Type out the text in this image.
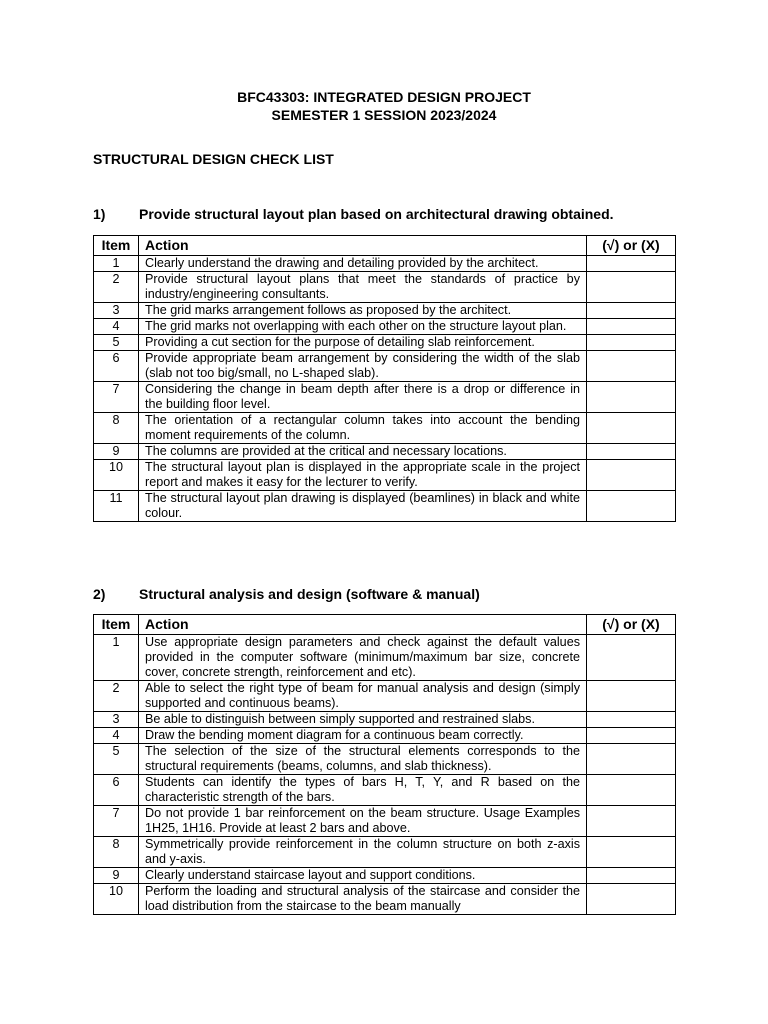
BFC43303: INTEGRATED DESIGN PROJECT
SEMESTER 1 SESSION 2023/2024
STRUCTURAL DESIGN CHECK LIST
1)	Provide structural layout plan based on architectural drawing obtained.
Item	Action	(√) or (X)
1	Clearly understand the drawing and detailing provided by the architect.	
2	Provide structural layout plans that meet the standards of practice by industry/engineering consultants.	
3	The grid marks arrangement follows as proposed by the architect.	
4	The grid marks not overlapping with each other on the structure layout plan.	
5	Providing a cut section for the purpose of detailing slab reinforcement.	
6	Provide appropriate beam arrangement by considering the width of the slab (slab not too big/small, no L-shaped slab).	
7	Considering the change in beam depth after there is a drop or difference in the building floor level.	
8	The orientation of a rectangular column takes into account the bending moment requirements of the column.	
9	The columns are provided at the critical and necessary locations.	
10	The structural layout plan is displayed in the appropriate scale in the project report and makes it easy for the lecturer to verify.	
11	The structural layout plan drawing is displayed (beamlines) in black and white colour.	
2)	Structural analysis and design (software & manual)
Item	Action	(√) or (X)
1	Use appropriate design parameters and check against the default values provided in the computer software (minimum/maximum bar size, concrete cover, concrete strength, reinforcement and etc).	
2	Able to select the right type of beam for manual analysis and design (simply supported and continuous beams).	
3	Be able to distinguish between simply supported and restrained slabs.	
4	Draw the bending moment diagram for a continuous beam correctly.	
5	The selection of the size of the structural elements corresponds to the structural requirements (beams, columns, and slab thickness).	
6	Students can identify the types of bars H, T, Y, and R based on the characteristic strength of the bars.	
7	Do not provide 1 bar reinforcement on the beam structure. Usage Examples 1H25, 1H16. Provide at least 2 bars and above.	
8	Symmetrically provide reinforcement in the column structure on both z-axis and y-axis.	
9	Clearly understand staircase layout and support conditions.	
10	Perform the loading and structural analysis of the staircase and consider the load distribution from the staircase to the beam manually	
